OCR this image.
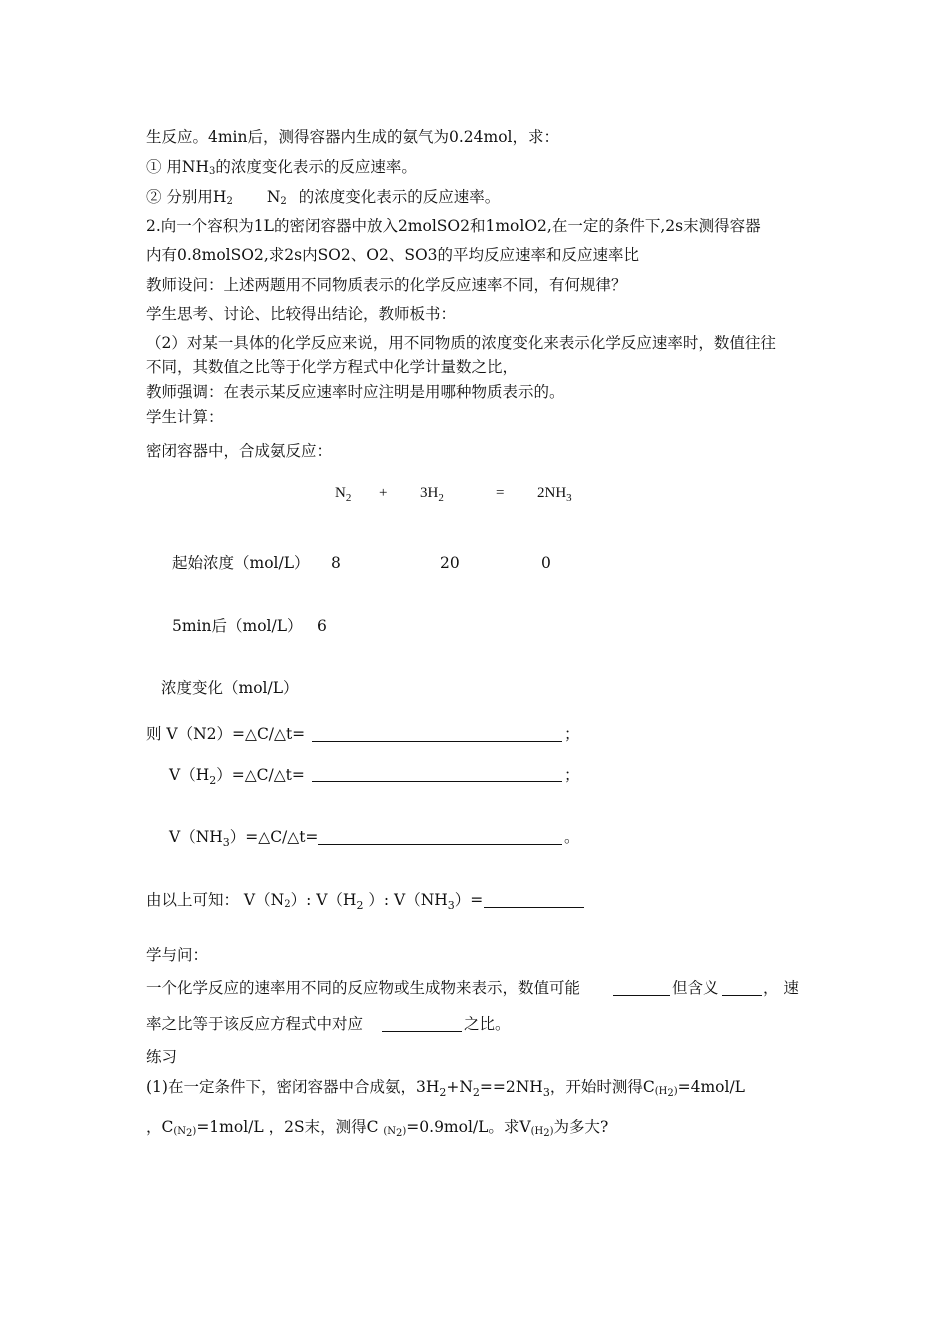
生反应。4min后，测得容器内生成的氨气为0.24mol，求：
① 用$NH_3$的浓度变化表示的反应速率。
② 分别用$H_2$ $N_2$ 的浓度变化表示的反应速率。
2.向一个容积为1L的密闭容器中放入2molSO2和1molO2,在一定的条件下,2s末测得容器
内有0.8molSO2,求2s内SO2、O2、SO3的平均反应速率和反应速率比
教师设问：上述两题用不同物质表示的化学反应速率不同，有何规律？
学生思考、讨论、比较得出结论，教师板书：
（2）对某一具体的化学反应来说，用不同物质的浓度变化来表示化学反应速率时，数值往往
不同，其数值之比等于化学方程式中化学计量数之比，
教师强调：在表示某反应速率时应注明是用哪种物质表示的。
学生计算：
密闭容器中，合成氨反应：
$N_2 + 3H_2$	= $2NH_3$
起始浓度（mol/L） 8	20	0
5min后（mol/L） 6
浓度变化（mol/L）
则 V（N2）=△C/△t=	；
$V(H_2)=\triangle C/\triangle t=$	；
$V(NH_3)=\triangle C/\triangle t=$	。
由以上可知： $V(N_2)$: $V(H_2$ ）: $V(NH_3)=$
学与问：
一个化学反应的速率用不同的反应物或生成物来表示，数值可能	但含义	， 速
率之比等于该反应方程式中对应	之比。
练习
(1)在一定条件下，密闭容器中合成氨，$3H_2+N_2==2NH_3$，开始时测得$C(H_2)=4mol/L$
，$C(N_2)=1mol/L$ ，2S末，测得C $(N_2)=0.9mol/L$。求$V(H_2)$为多大?
